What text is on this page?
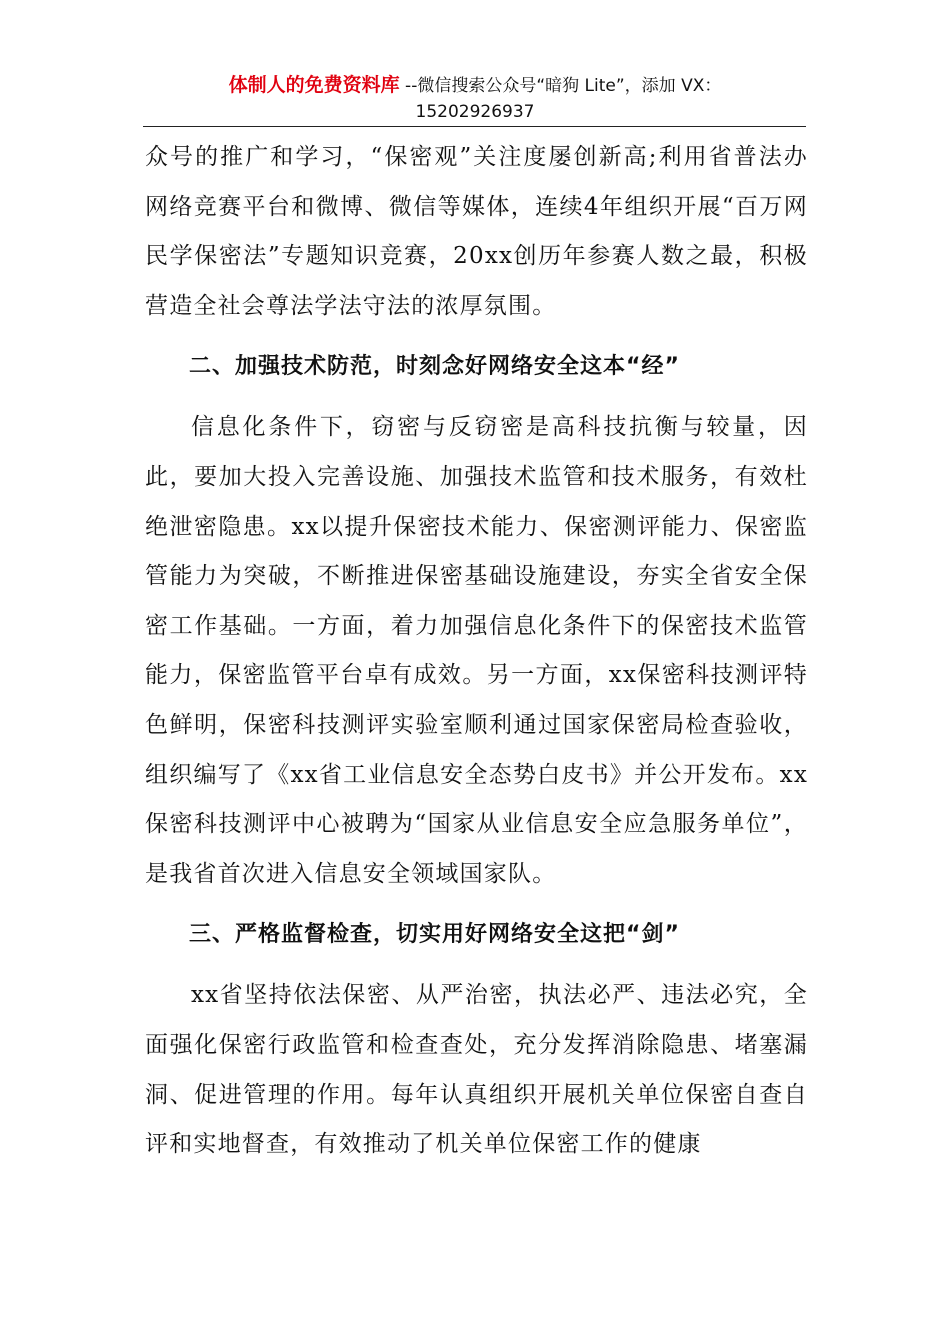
体制人的免费资料库 --微信搜索公众号“暗狗 Lite”，添加 VX：
15202926937

众号的推广和学习，“保密观”关注度屡创新高;利用省普法办网络竞赛平台和微博、微信等媒体，连续4年组织开展“百万网民学保密法”专题知识竞赛，20xx创历年参赛人数之最，积极营造全社会尊法学法守法的浓厚氛围。

二、加强技术防范，时刻念好网络安全这本“经”

信息化条件下，窃密与反窃密是高科技抗衡与较量，因此，要加大投入完善设施、加强技术监管和技术服务，有效杜绝泄密隐患。xx以提升保密技术能力、保密测评能力、保密监管能力为突破，不断推进保密基础设施建设，夯实全省安全保密工作基础。一方面，着力加强信息化条件下的保密技术监管能力，保密监管平台卓有成效。另一方面，xx保密科技测评特色鲜明，保密科技测评实验室顺利通过国家保密局检查验收，组织编写了《xx省工业信息安全态势白皮书》并公开发布。xx保密科技测评中心被聘为“国家从业信息安全应急服务单位”，是我省首次进入信息安全领域国家队。

三、严格监督检查，切实用好网络安全这把“剑”

xx省坚持依法保密、从严治密，执法必严、违法必究，全面强化保密行政监管和检查查处，充分发挥消除隐患、堵塞漏洞、促进管理的作用。每年认真组织开展机关单位保密自查自评和实地督查，有效推动了机关单位保密工作的健康
